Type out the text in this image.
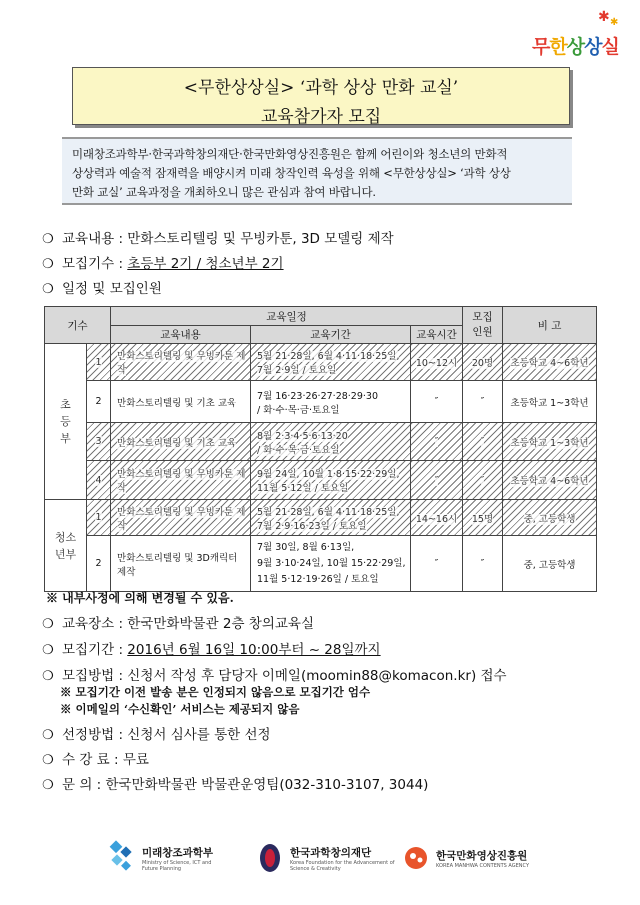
✱ ✱
무한상상실
<무한상상실> ‘과학 상상 만화 교실’
교육참가자 모집

미래창조과학부·한국과학창의재단·한국만화영상진흥원은 함께 어린이와 청소년의 만화적

상상력과 예술적 잠재력을 배양시켜 미래 창작인력 육성을 위해 <무한상상실> ‘과학 상상

만화 교실’ 교육과정을 개최하오니 많은 관심과 참여 바랍니다.

❍ 교육내용 : 만화스토리텔링 및 무빙카툰, 3D 모델링 제작
❍ 모집기수 : 초등부 2기 / 청소년부 2기
❍ 일정 및 모집인원
기수		교육일정			모집
인원	비 고
		교육내용	교육기간	교육시간		
초
등
부	1	만화스토리텔링 및 무빙카툰 제작	5월 21·28일, 6월 4·11·18·25일,
7월 2·9일 / 토요일	10~12시	20명	초등학교 4~6학년
	2	만화스토리텔링 및 기초 교육	7월 16·23·26·27·28·29·30
/ 화·수·목·금·토요일	″	″	초등학교 1~3학년
	3	만화스토리텔링 및 기초 교육	8월 2·3·4·5·6·13·20
/ 화·수·목·금·토요일	″	″	초등학교 1~3학년
	4	만화스토리텔링 및 무빙카툰 제작	9월 24일, 10월 1·8·15·22·29일,
11월 5·12일 / 토요일	″	″	초등학교 4~6학년
청소
년부	1	만화스토리텔링 및 무빙카툰 제작	5월 21·28일, 6월 4·11·18·25일,
7월 2·9·16·23일 / 토요일	14~16시	15명	중, 고등학생
	2	만화스토리텔링 및 3D캐릭터 제작	7월 30일, 8월 6·13일,
9월 3·10·24일, 10월 15·22·29일,
11월 5·12·19·26일 / 토요일	″	″	중, 고등학생
※ 내부사정에 의해 변경될 수 있음.
❍ 교육장소 : 한국만화박물관 2층 창의교육실
❍ 모집기간 : 2016년 6월 16일 10:00부터 ~ 28일까지
❍ 모집방법 : 신청서 작성 후 담당자 이메일(moomin88@komacon.kr) 접수
※ 모집기간 이전 발송 분은 인정되지 않음으로 모집기간 엄수
※ 이메일의 ‘수신확인’ 서비스는 제공되지 않음
❍ 선정방법 : 신청서 심사를 통한 선정
❍ 수 강 료 : 무료
❍ 문 의 : 한국만화박물관 박물관운영팀(032-310-3107, 3044)
미래창조과학부
Ministry of Science, ICT and Future Planning
한국과학창의재단
Korea Foundation for the Advancement of Science & Creativity
한국만화영상진흥원
KOREA MANHWA CONTENTS AGENCY
